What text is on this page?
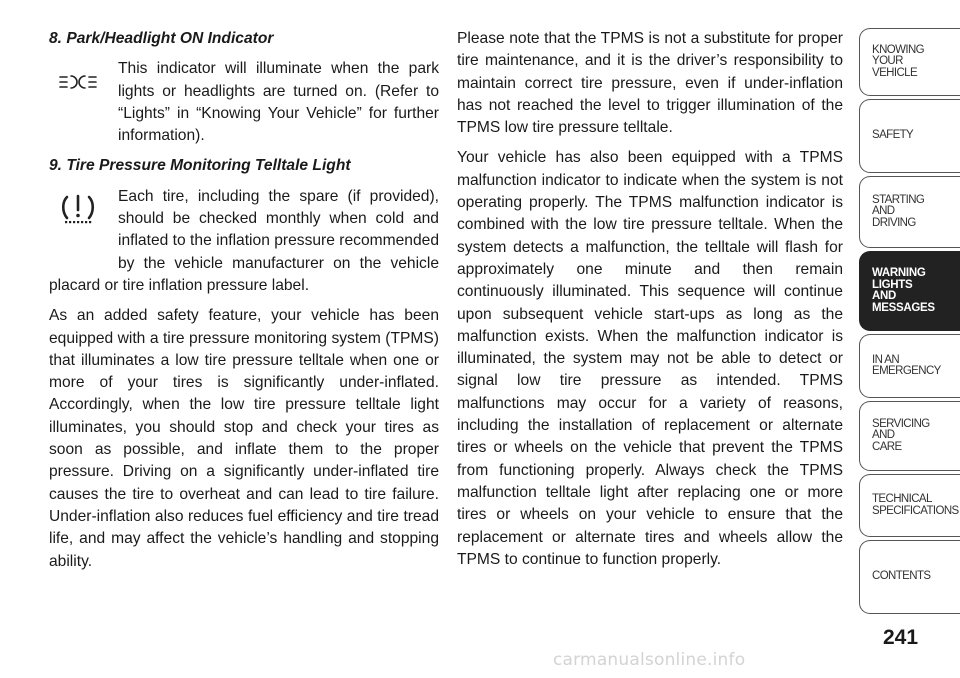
8. Park/Headlight ON Indicator

This indicator will illuminate when the park lights or headlights are turned on. (Refer to “Lights” in “Knowing Your Vehicle” for further information).

9. Tire Pressure Monitoring Telltale Light

Each tire, including the spare (if provided), should be checked monthly when cold and inflated to the inflation pressure recommended by the vehicle manufacturer on the vehicle placard or tire inflation pressure label.

As an added safety feature, your vehicle has been equipped with a tire pressure monitoring system (TPMS) that illuminates a low tire pressure telltale when one or more of your tires is significantly under-inflated. Accordingly, when the low tire pressure telltale light illuminates, you should stop and check your tires as soon as possible, and inflate them to the proper pressure. Driving on a significantly under-inflated tire causes the tire to overheat and can lead to tire failure. Under-inflation also reduces fuel efficiency and tire tread life, and may affect the vehicle’s handling and stopping ability.

Please note that the TPMS is not a substitute for proper tire maintenance, and it is the driver’s responsibility to maintain correct tire pressure, even if under-inflation has not reached the level to trigger illumination of the TPMS low tire pressure telltale.

Your vehicle has also been equipped with a TPMS malfunction indicator to indicate when the system is not operating properly. The TPMS malfunction indicator is combined with the low tire pressure telltale. When the system detects a malfunction, the telltale will flash for approximately one minute and then remain continuously illuminated. This sequence will continue upon subsequent vehicle start-ups as long as the malfunction exists. When the malfunction indicator is illuminated, the system may not be able to detect or signal low tire pressure as intended. TPMS malfunctions may occur for a variety of reasons, including the installation of replacement or alternate tires or wheels on the vehicle that prevent the TPMS from functioning properly. Always check the TPMS malfunction telltale light after replacing one or more tires or wheels on your vehicle to ensure that the replacement or alternate tires and wheels allow the TPMS to continue to function properly.

KNOWING
YOUR
VEHICLE
SAFETY
STARTING
AND
DRIVING
WARNING
LIGHTS
AND
MESSAGES
IN AN
EMERGENCY
SERVICING
AND
CARE
TECHNICAL
SPECIFICATIONS
CONTENTS
241
carmanualsonline.info
